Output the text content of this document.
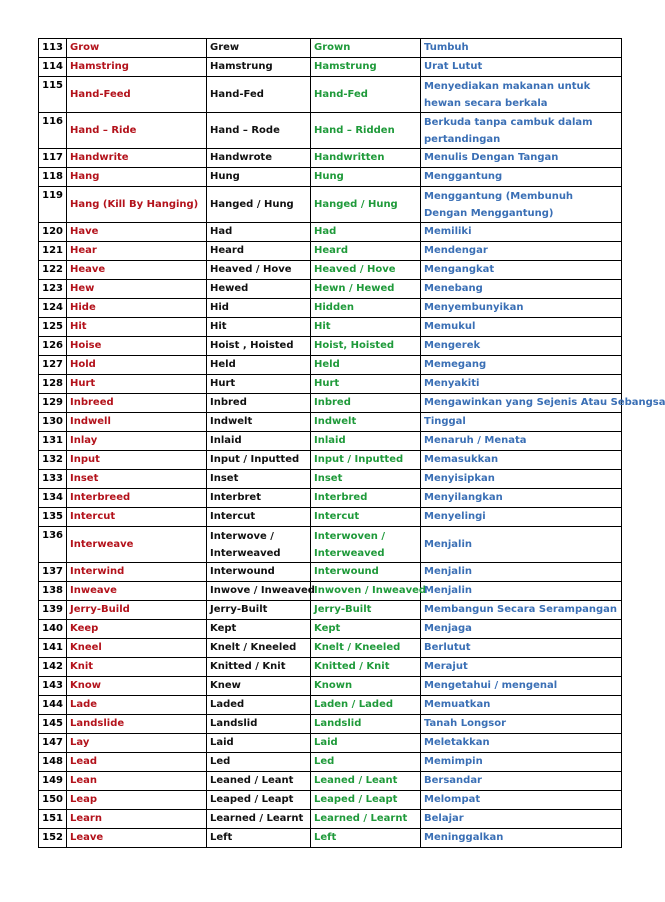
113	Grow	Grew	Grown	Tumbuh
114	Hamstring	Hamstrung	Hamstrung	Urat Lutut
115	Hand-Feed	Hand-Fed	Hand-Fed	Menyediakan makanan untuk hewan secara berkala
116	Hand – Ride	Hand – Rode	Hand – Ridden	Berkuda tanpa cambuk dalam pertandingan
117	Handwrite	Handwrote	Handwritten	Menulis Dengan Tangan
118	Hang	Hung	Hung	Menggantung
119	Hang (Kill By Hanging)	Hanged / Hung	Hanged / Hung	Menggantung (Membunuh Dengan Menggantung)
120	Have	Had	Had	Memiliki
121	Hear	Heard	Heard	Mendengar
122	Heave	Heaved / Hove	Heaved / Hove	Mengangkat
123	Hew	Hewed	Hewn / Hewed	Menebang
124	Hide	Hid	Hidden	Menyembunyikan
125	Hit	Hit	Hit	Memukul
126	Hoise	Hoist , Hoisted	Hoist, Hoisted	Mengerek
127	Hold	Held	Held	Memegang
128	Hurt	Hurt	Hurt	Menyakiti
129	Inbreed	Inbred	Inbred	Mengawinkan yang Sejenis Atau Sebangsa
130	Indwell	Indwelt	Indwelt	Tinggal
131	Inlay	Inlaid	Inlaid	Menaruh / Menata
132	Input	Input / Inputted	Input / Inputted	Memasukkan
133	Inset	Inset	Inset	Menyisipkan
134	Interbreed	Interbret	Interbred	Menyilangkan
135	Intercut	Intercut	Intercut	Menyelingi
136	Interweave	Interwove / Interweaved	Interwoven / Interweaved	Menjalin
137	Interwind	Interwound	Interwound	Menjalin
138	Inweave	Inwove / Inweaved	Inwoven / Inweaved	Menjalin
139	Jerry-Build	Jerry-Built	Jerry-Built	Membangun Secara Serampangan
140	Keep	Kept	Kept	Menjaga
141	Kneel	Knelt / Kneeled	Knelt / Kneeled	Berlutut
142	Knit	Knitted / Knit	Knitted / Knit	Merajut
143	Know	Knew	Known	Mengetahui / mengenal
144	Lade	Laded	Laden / Laded	Memuatkan
145	Landslide	Landslid	Landslid	Tanah Longsor
147	Lay	Laid	Laid	Meletakkan
148	Lead	Led	Led	Memimpin
149	Lean	Leaned / Leant	Leaned / Leant	Bersandar
150	Leap	Leaped / Leapt	Leaped / Leapt	Melompat
151	Learn	Learned / Learnt	Learned / Learnt	Belajar
152	Leave	Left	Left	Meninggalkan
